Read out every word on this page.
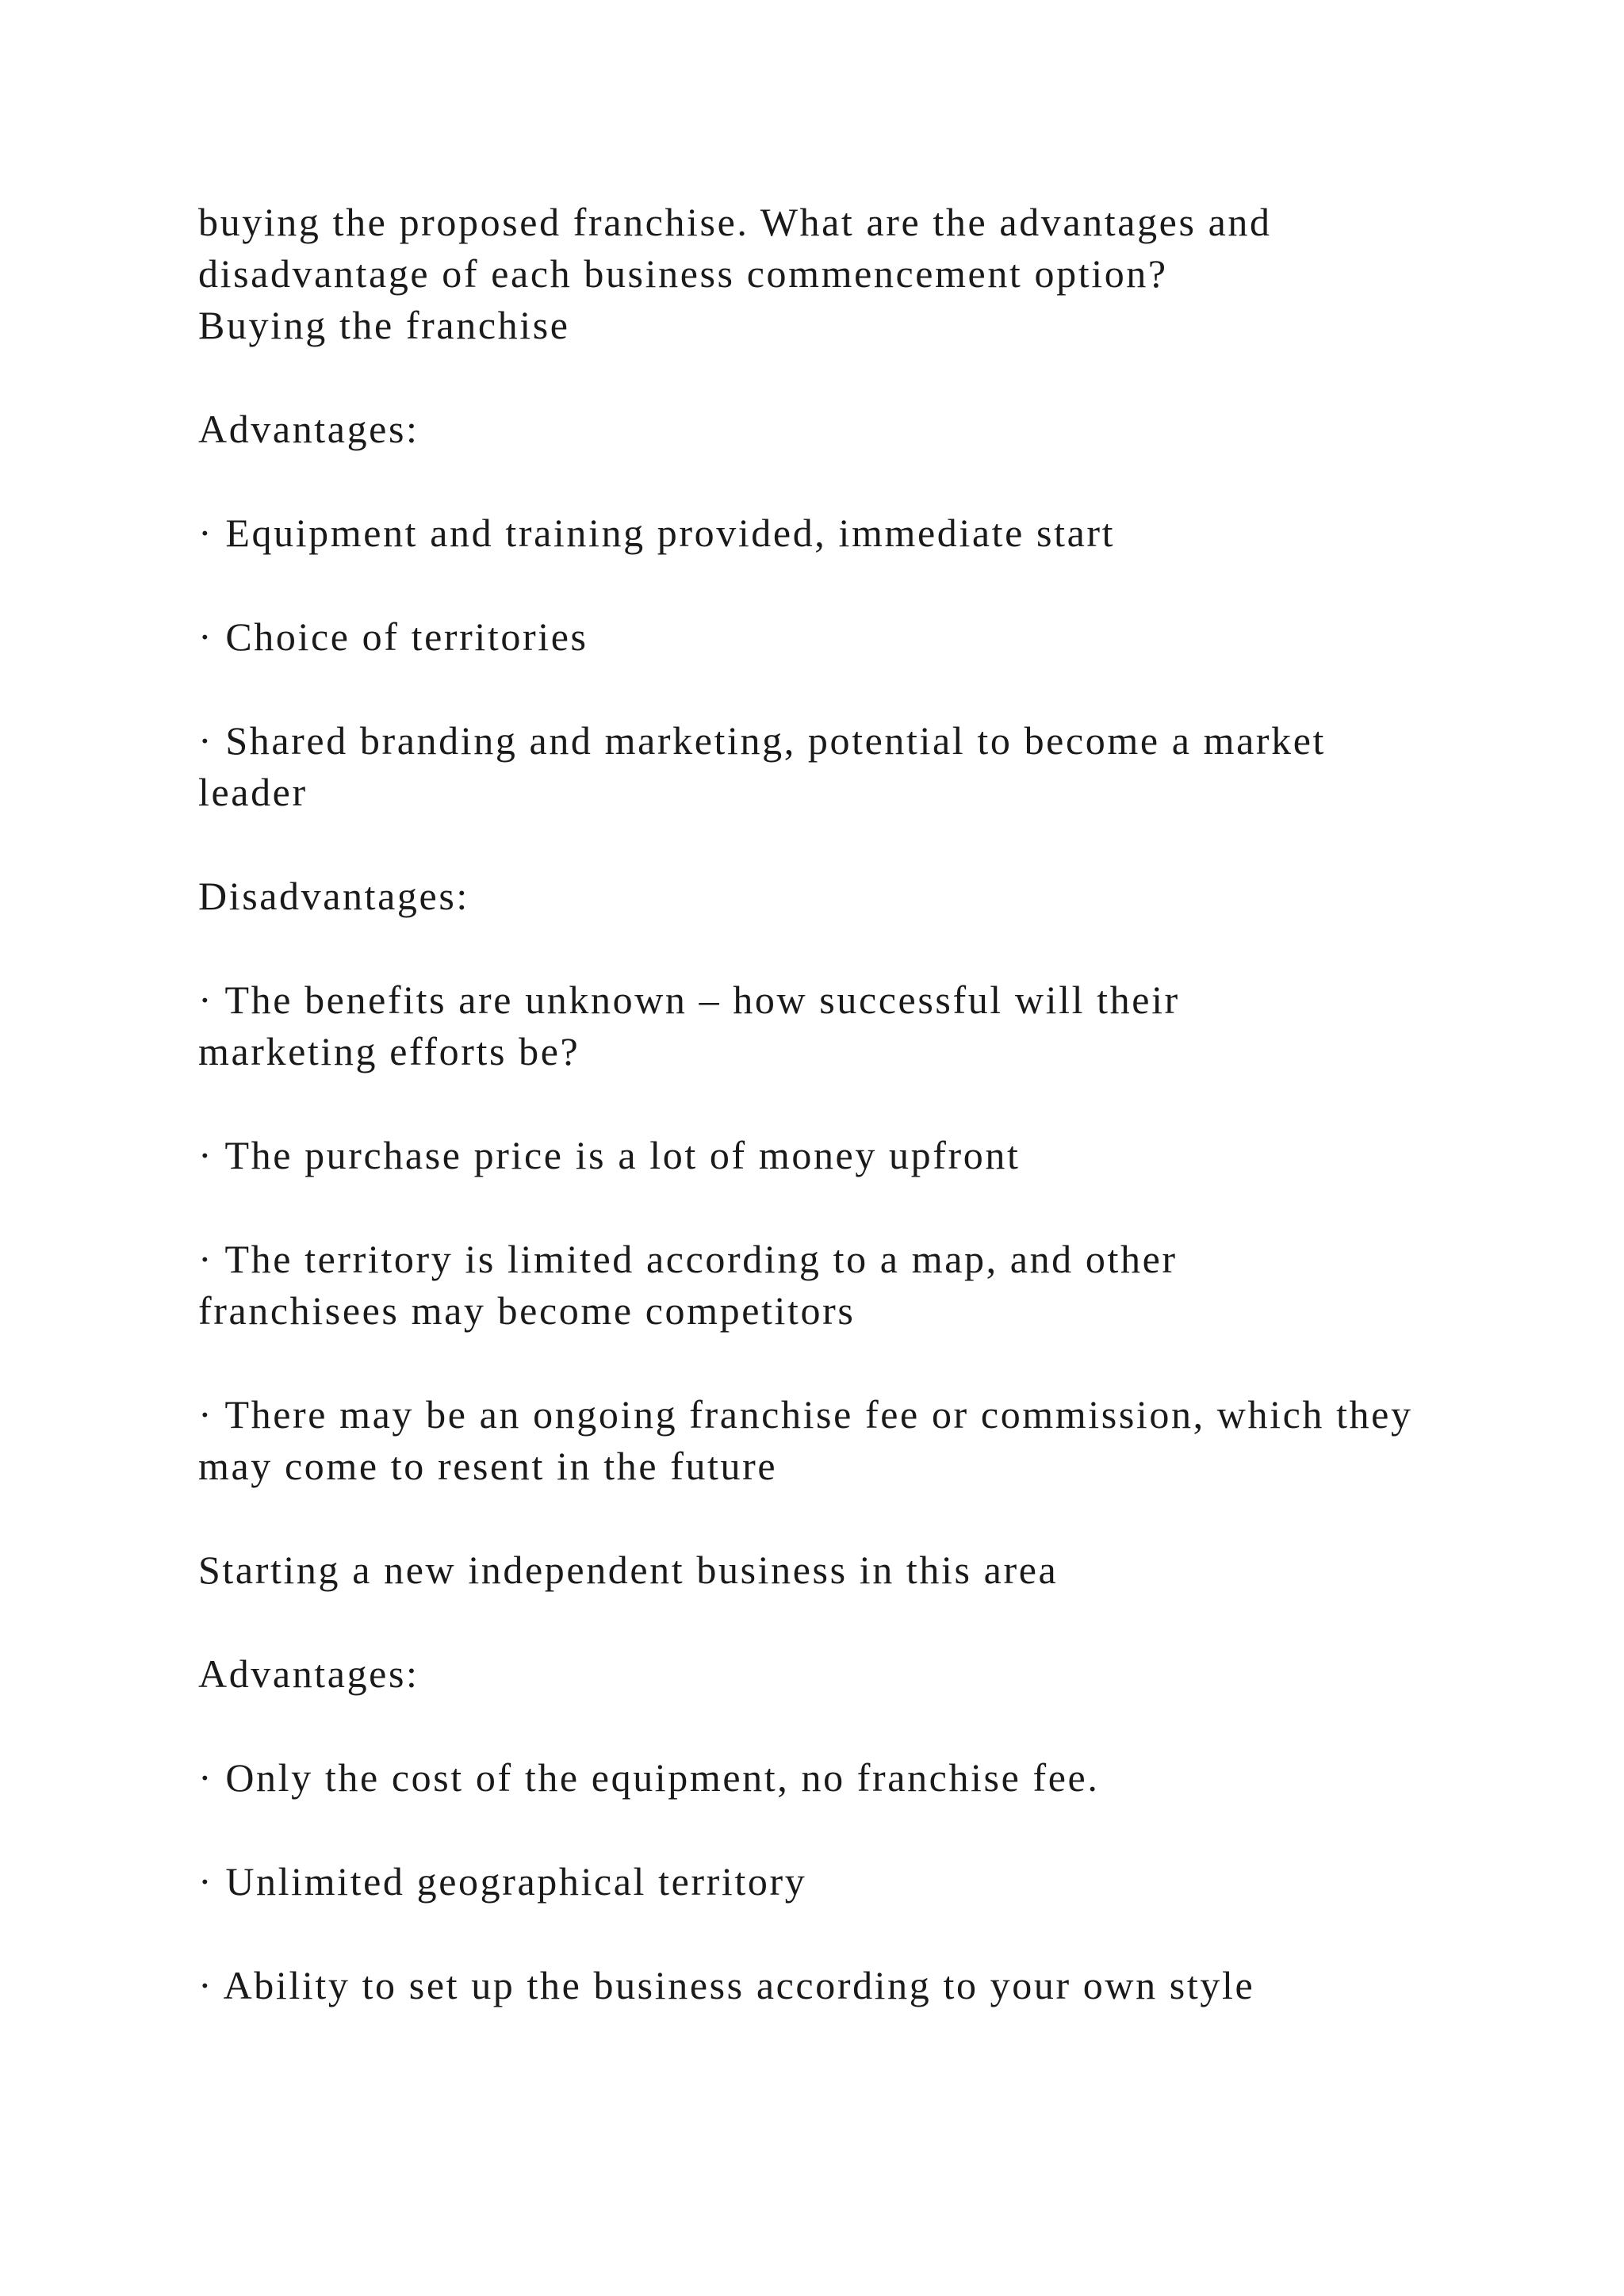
buying the proposed franchise. What are the advantages and
disadvantage of each business commencement option?
Buying the franchise

Advantages:

· Equipment and training provided, immediate start

· Choice of territories

· Shared branding and marketing, potential to become a market leader

Disadvantages:

· The benefits are unknown – how successful will their marketing efforts be?

· The purchase price is a lot of money upfront

· The territory is limited according to a map, and other franchisees may become competitors

· There may be an ongoing franchise fee or commission, which they may come to resent in the future

Starting a new independent business in this area

Advantages:

· Only the cost of the equipment, no franchise fee.

· Unlimited geographical territory

· Ability to set up the business according to your own style
